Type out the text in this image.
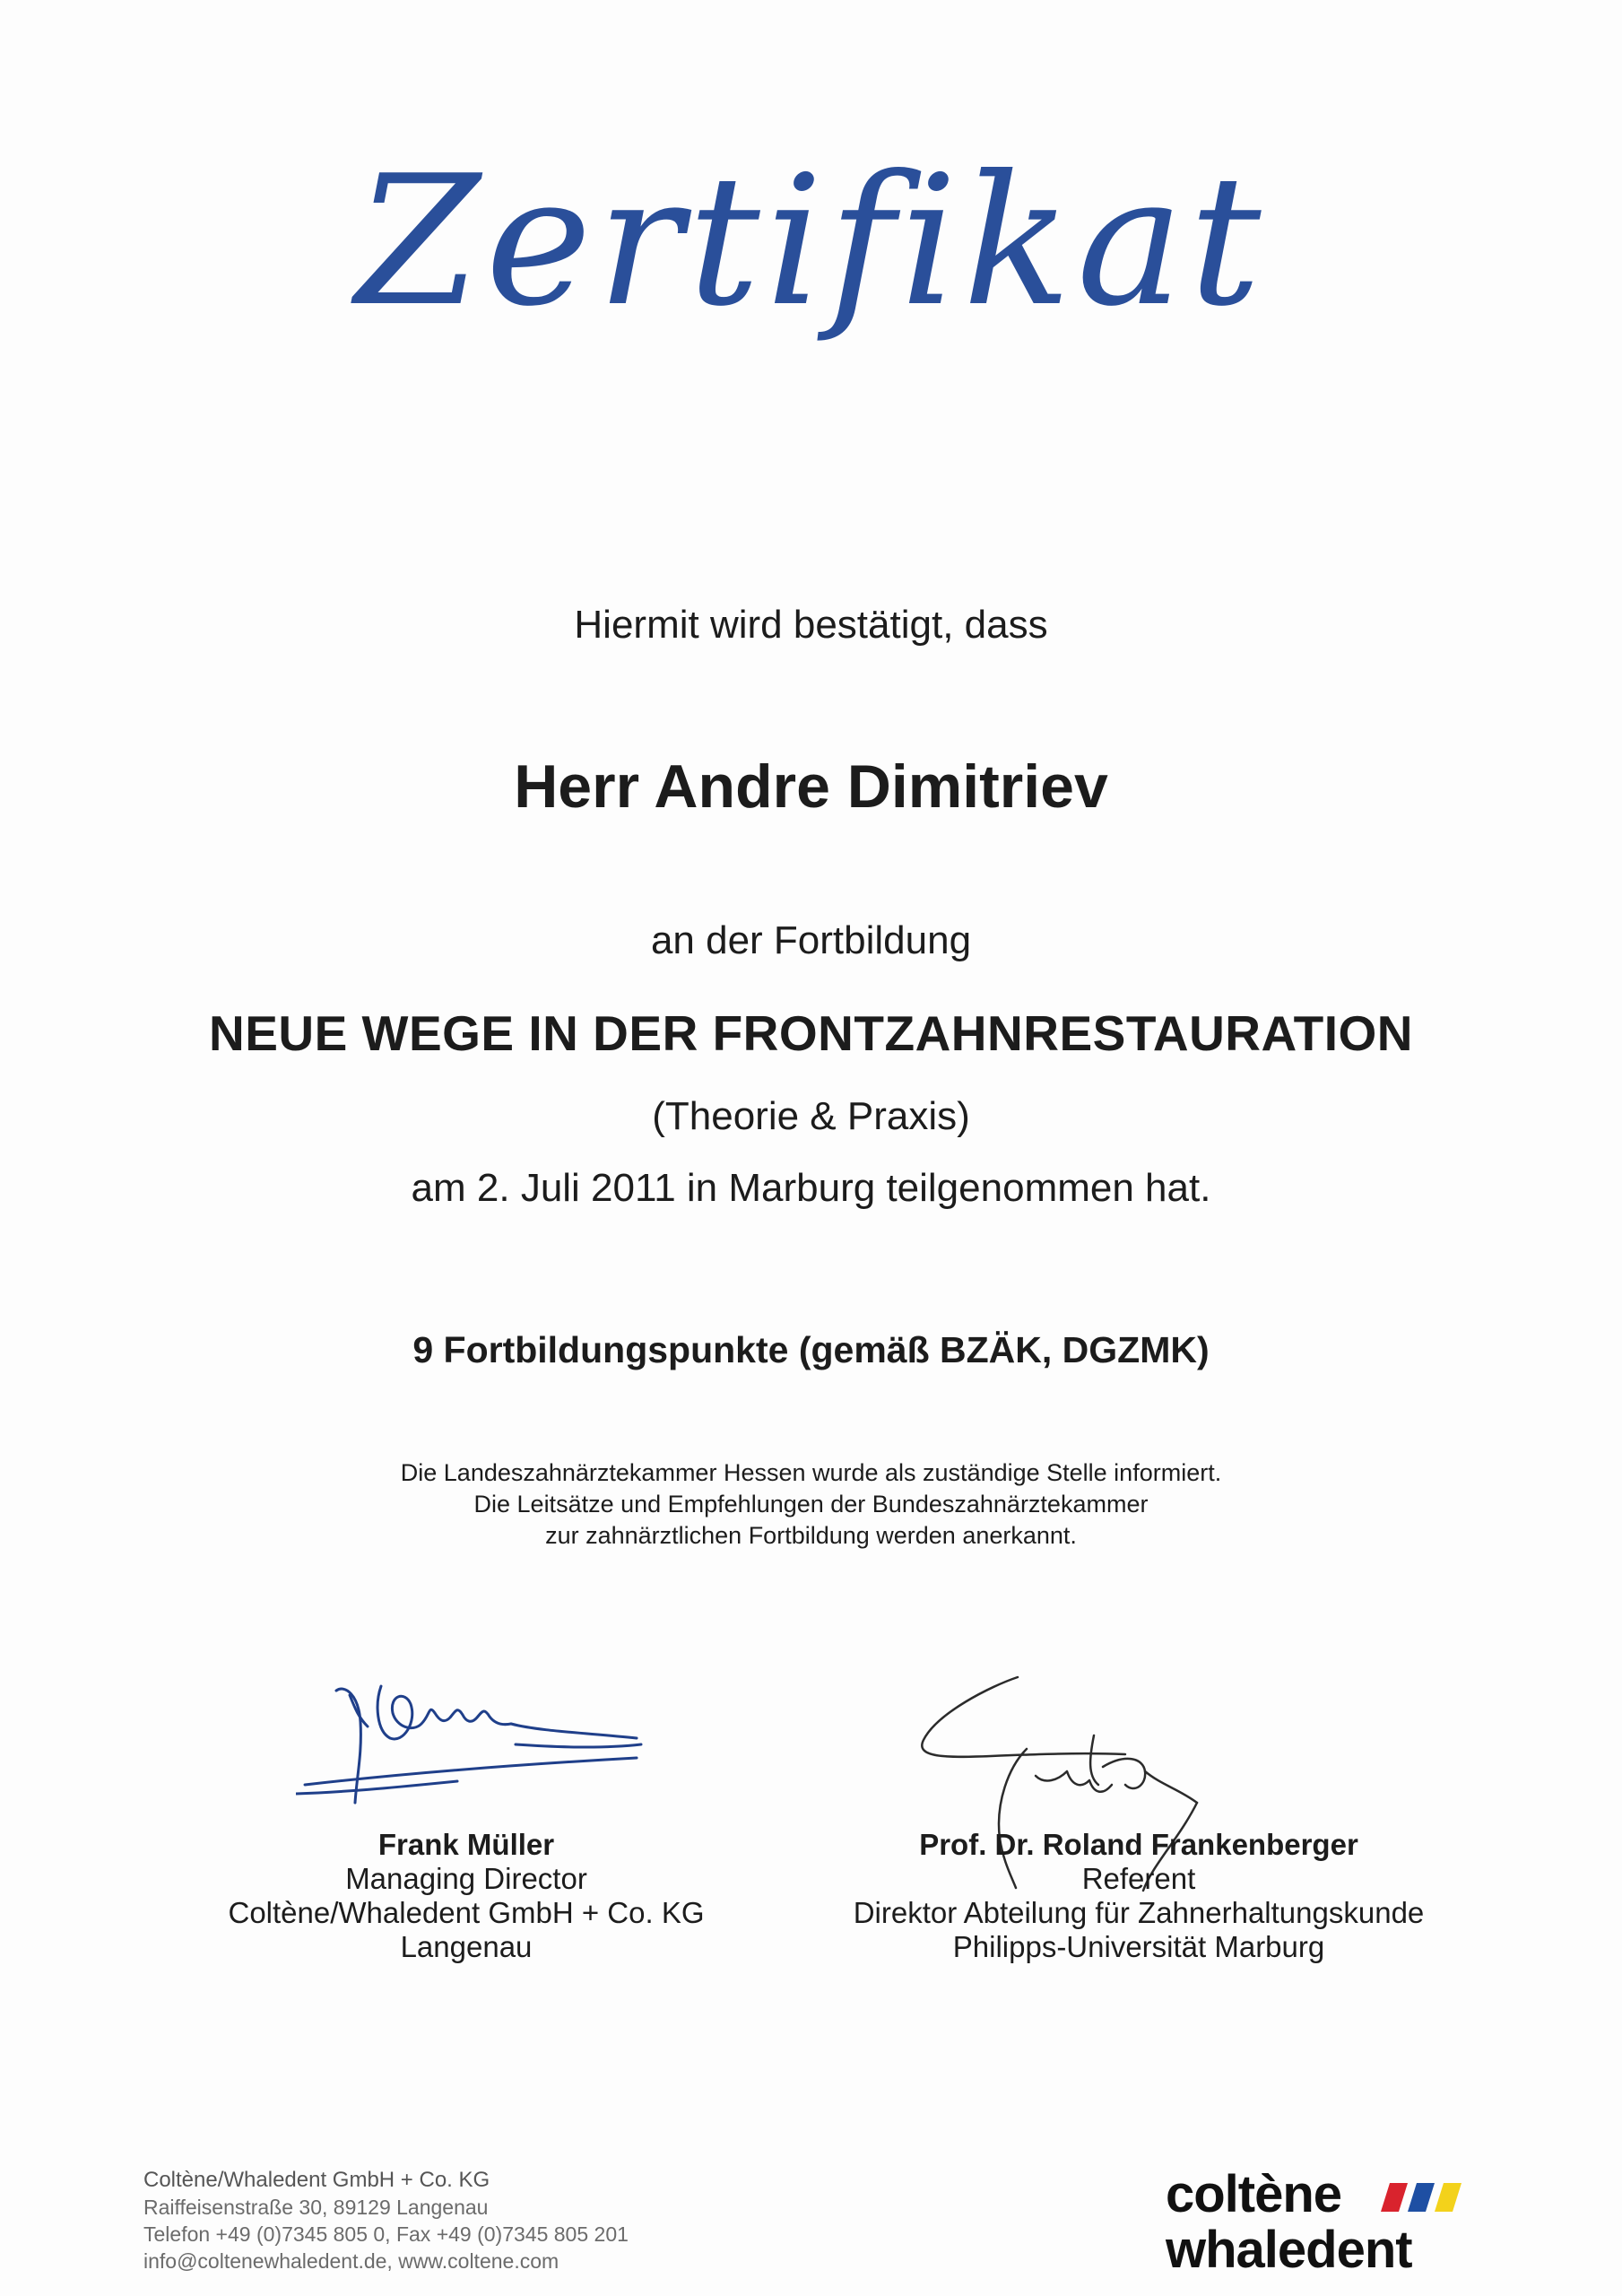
Zertifikat
Hiermit wird bestätigt, dass
Herr Andre Dimitriev
an der Fortbildung
NEUE WEGE IN DER FRONTZAHNRESTAURATION
(Theorie & Praxis)
am 2. Juli 2011 in Marburg teilgenommen hat.
9 Fortbildungspunkte (gemäß BZÄK, DGZMK)
Die Landeszahnärztekammer Hessen wurde als zuständige Stelle informiert.
Die Leitsätze und Empfehlungen der Bundeszahnärztekammer
zur zahnärztlichen Fortbildung werden anerkannt.
Frank Müller
Managing Director
Coltène/Whaledent GmbH + Co. KG
Langenau
Prof. Dr. Roland Frankenberger
Referent
Direktor Abteilung für Zahnerhaltungskunde
Philipps-Universität Marburg
Coltène/Whaledent GmbH + Co. KG
Raiffeisenstraße 30, 89129 Langenau
Telefon +49 (0)7345 805 0, Fax +49 (0)7345 805 201
info@coltenewhaledent.de, www.coltene.com
coltène
whaledent
